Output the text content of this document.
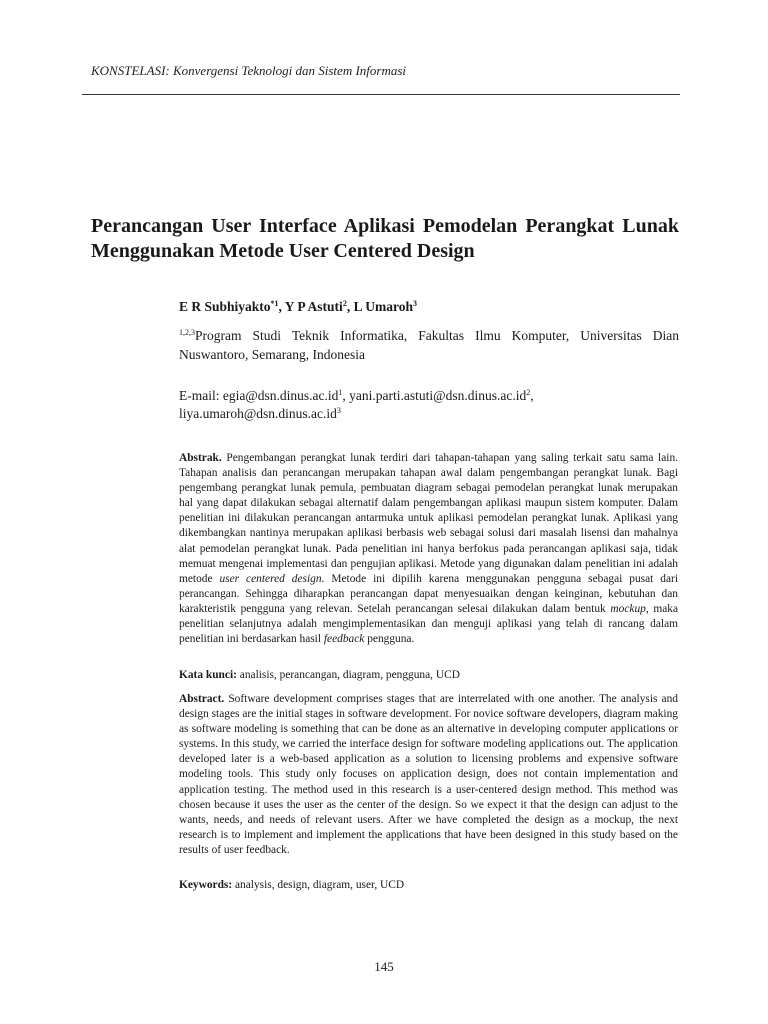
KONSTELASI: Konvergensi Teknologi dan Sistem Informasi
Perancangan User Interface Aplikasi Pemodelan Perangkat Lunak Menggunakan Metode User Centered Design
E R Subhiyakto$^{*1}$, Y P Astuti$^2$, L Umaroh$^3$
$^{1,2,3}$Program Studi Teknik Informatika, Fakultas Ilmu Komputer, Universitas Dian Nuswantoro, Semarang, Indonesia
E-mail: $egia@dsn.dinus.ac.id^1$, $yani.parti.astuti@dsn.dinus.ac.id^2$,
$liya.umaroh@dsn.dinus.ac.id^3$
Abstrak. Pengembangan perangkat lunak terdiri dari tahapan-tahapan yang saling terkait satu sama lain. Tahapan analisis dan perancangan merupakan tahapan awal dalam pengembangan perangkat lunak. Bagi pengembang perangkat lunak pemula, pembuatan diagram sebagai pemodelan perangkat lunak merupakan hal yang dapat dilakukan sebagai alternatif dalam pengembangan aplikasi maupun sistem komputer. Dalam penelitian ini dilakukan perancangan antarmuka untuk aplikasi pemodelan perangkat lunak. Aplikasi yang dikembangkan nantinya merupakan aplikasi berbasis web sebagai solusi dari masalah lisensi dan mahalnya alat pemodelan perangkat lunak. Pada penelitian ini hanya berfokus pada perancangan aplikasi saja, tidak memuat mengenai implementasi dan pengujian aplikasi. Metode yang digunakan dalam penelitian ini adalah metode user centered design. Metode ini dipilih karena menggunakan pengguna sebagai pusat dari perancangan. Sehingga diharapkan perancangan dapat menyesuaikan dengan keinginan, kebutuhan dan karakteristik pengguna yang relevan. Setelah perancangan selesai dilakukan dalam bentuk mockup, maka penelitian selanjutnya adalah mengimplementasikan dan menguji aplikasi yang telah di rancang dalam penelitian ini berdasarkan hasil feedback pengguna.
Kata kunci: analisis, perancangan, diagram, pengguna, UCD
Abstract. Software development comprises stages that are interrelated with one another. The analysis and design stages are the initial stages in software development. For novice software developers, diagram making as software modeling is something that can be done as an alternative in developing computer applications or systems. In this study, we carried the interface design for software modeling applications out. The application developed later is a web-based application as a solution to licensing problems and expensive software modeling tools. This study only focuses on application design, does not contain implementation and application testing. The method used in this research is a user-centered design method. This method was chosen because it uses the user as the center of the design. So we expect it that the design can adjust to the wants, needs, and needs of relevant users. After we have completed the design as a mockup, the next research is to implement and implement the applications that have been designed in this study based on the results of user feedback.
Keywords: analysis, design, diagram, user, UCD
145
